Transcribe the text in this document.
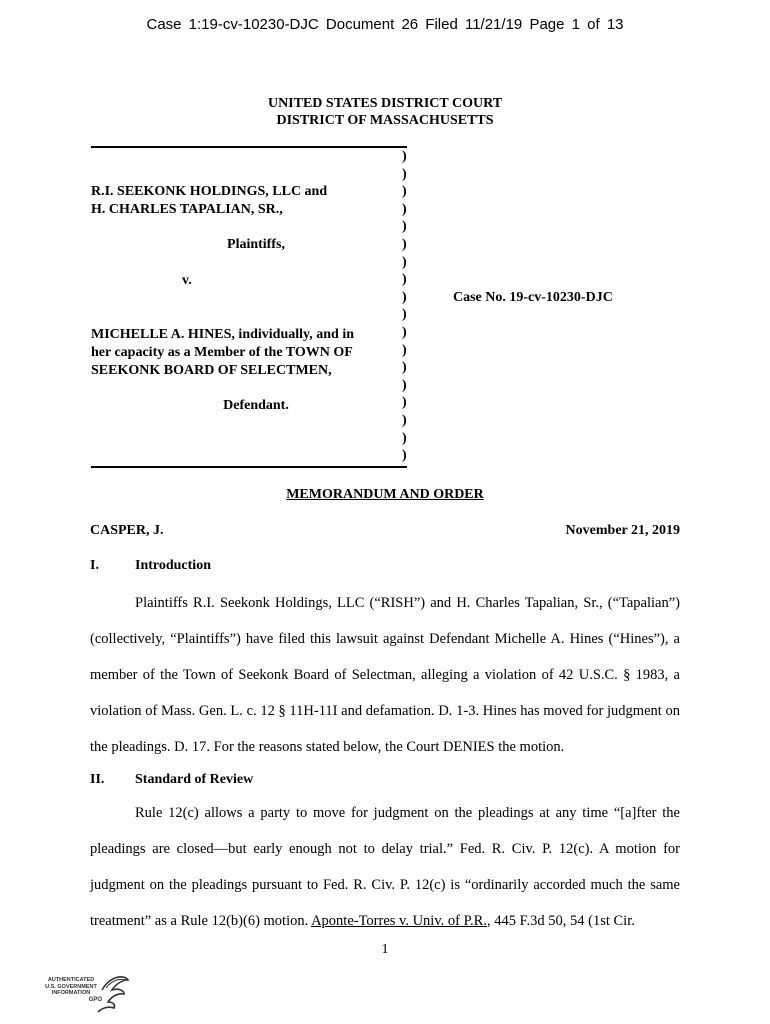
Case 1:19-cv-10230-DJC Document 26 Filed 11/21/19 Page 1 of 13
UNITED STATES DISTRICT COURT
DISTRICT OF MASSACHUSETTS
)
)
)
)
)
)
)
)
)
)
)
)
)
)
)
)
)
)
R.I. SEEKONK HOLDINGS, LLC and
H. CHARLES TAPALIAN, SR.,
Plaintiffs,
v.
Case No. 19-cv-10230-DJC
MICHELLE A. HINES, individually, and in
her capacity as a Member of the TOWN OF
SEEKONK BOARD OF SELECTMEN,
Defendant.
MEMORANDUM AND ORDER
CASPER, J.	November 21, 2019
I.	Introduction

Plaintiffs R.I. Seekonk Holdings, LLC (“RISH”) and H. Charles Tapalian, Sr., (“Tapalian”) (collectively, “Plaintiffs”) have filed this lawsuit against Defendant Michelle A. Hines (“Hines”), a member of the Town of Seekonk Board of Selectman, alleging a violation of 42 U.S.C. § 1983, a violation of Mass. Gen. L. c. 12 § 11H-11I and defamation. D. 1-3. Hines has moved for judgment on the pleadings. D. 17. For the reasons stated below, the Court DENIES the motion.

II. Standard of Review

Rule 12(c) allows a party to move for judgment on the pleadings at any time “[a]fter the pleadings are closed—but early enough not to delay trial.” Fed. R. Civ. P. 12(c). A motion for judgment on the pleadings pursuant to Fed. R. Civ. P. 12(c) is “ordinarily accorded much the same treatment” as a Rule 12(b)(6) motion. Aponte-Torres v. Univ. of P.R., 445 F.3d 50, 54 (1st Cir.

1
AUTHENTICATED
U.S. GOVERNMENT
INFORMATION
GPO
